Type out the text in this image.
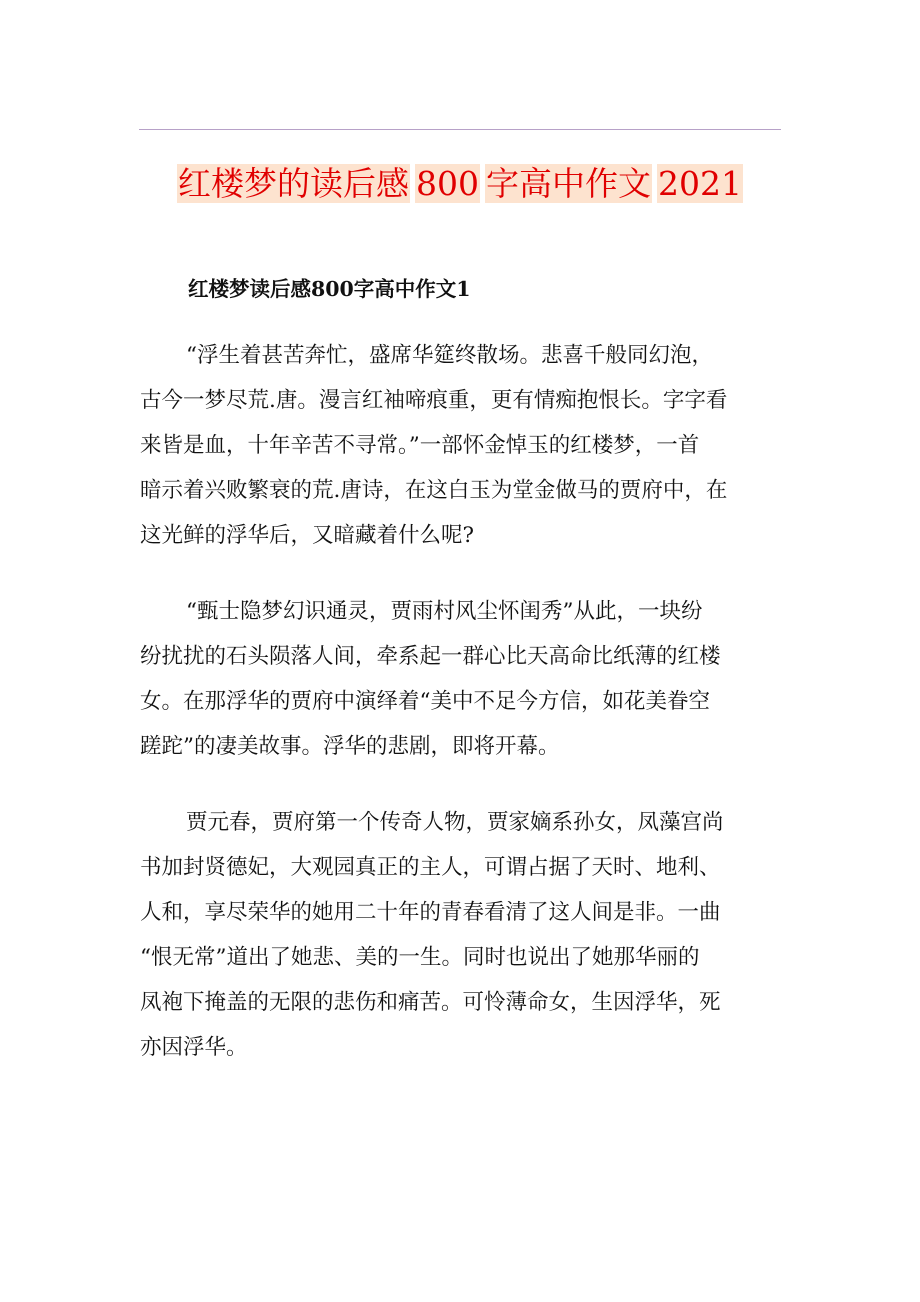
红楼梦的读后感 800 字高中作文 2021
红楼梦读后感800字高中作文1
“浮生着甚苦奔忙，盛席华筵终散场。悲喜千般同幻泡，
古今一梦尽荒.唐。漫言红袖啼痕重，更有情痴抱恨长。字字看
来皆是血，十年辛苦不寻常。”一部怀金悼玉的红楼梦，一首
暗示着兴败繁衰的荒.唐诗，在这白玉为堂金做马的贾府中，在
这光鲜的浮华后，又暗藏着什么呢?
“甄士隐梦幻识通灵，贾雨村风尘怀闺秀”从此，一块纷
纷扰扰的石头陨落人间，牵系起一群心比天高命比纸薄的红楼
女。在那浮华的贾府中演绎着“美中不足今方信，如花美眷空
蹉跎”的凄美故事。浮华的悲剧，即将开幕。
贾元春，贾府第一个传奇人物，贾家嫡系孙女，凤藻宫尚
书加封贤德妃，大观园真正的主人，可谓占据了天时、地利、
人和，享尽荣华的她用二十年的青春看清了这人间是非。一曲
“恨无常”道出了她悲、美的一生。同时也说出了她那华丽的
凤袍下掩盖的无限的悲伤和痛苦。可怜薄命女，生因浮华，死
亦因浮华。
